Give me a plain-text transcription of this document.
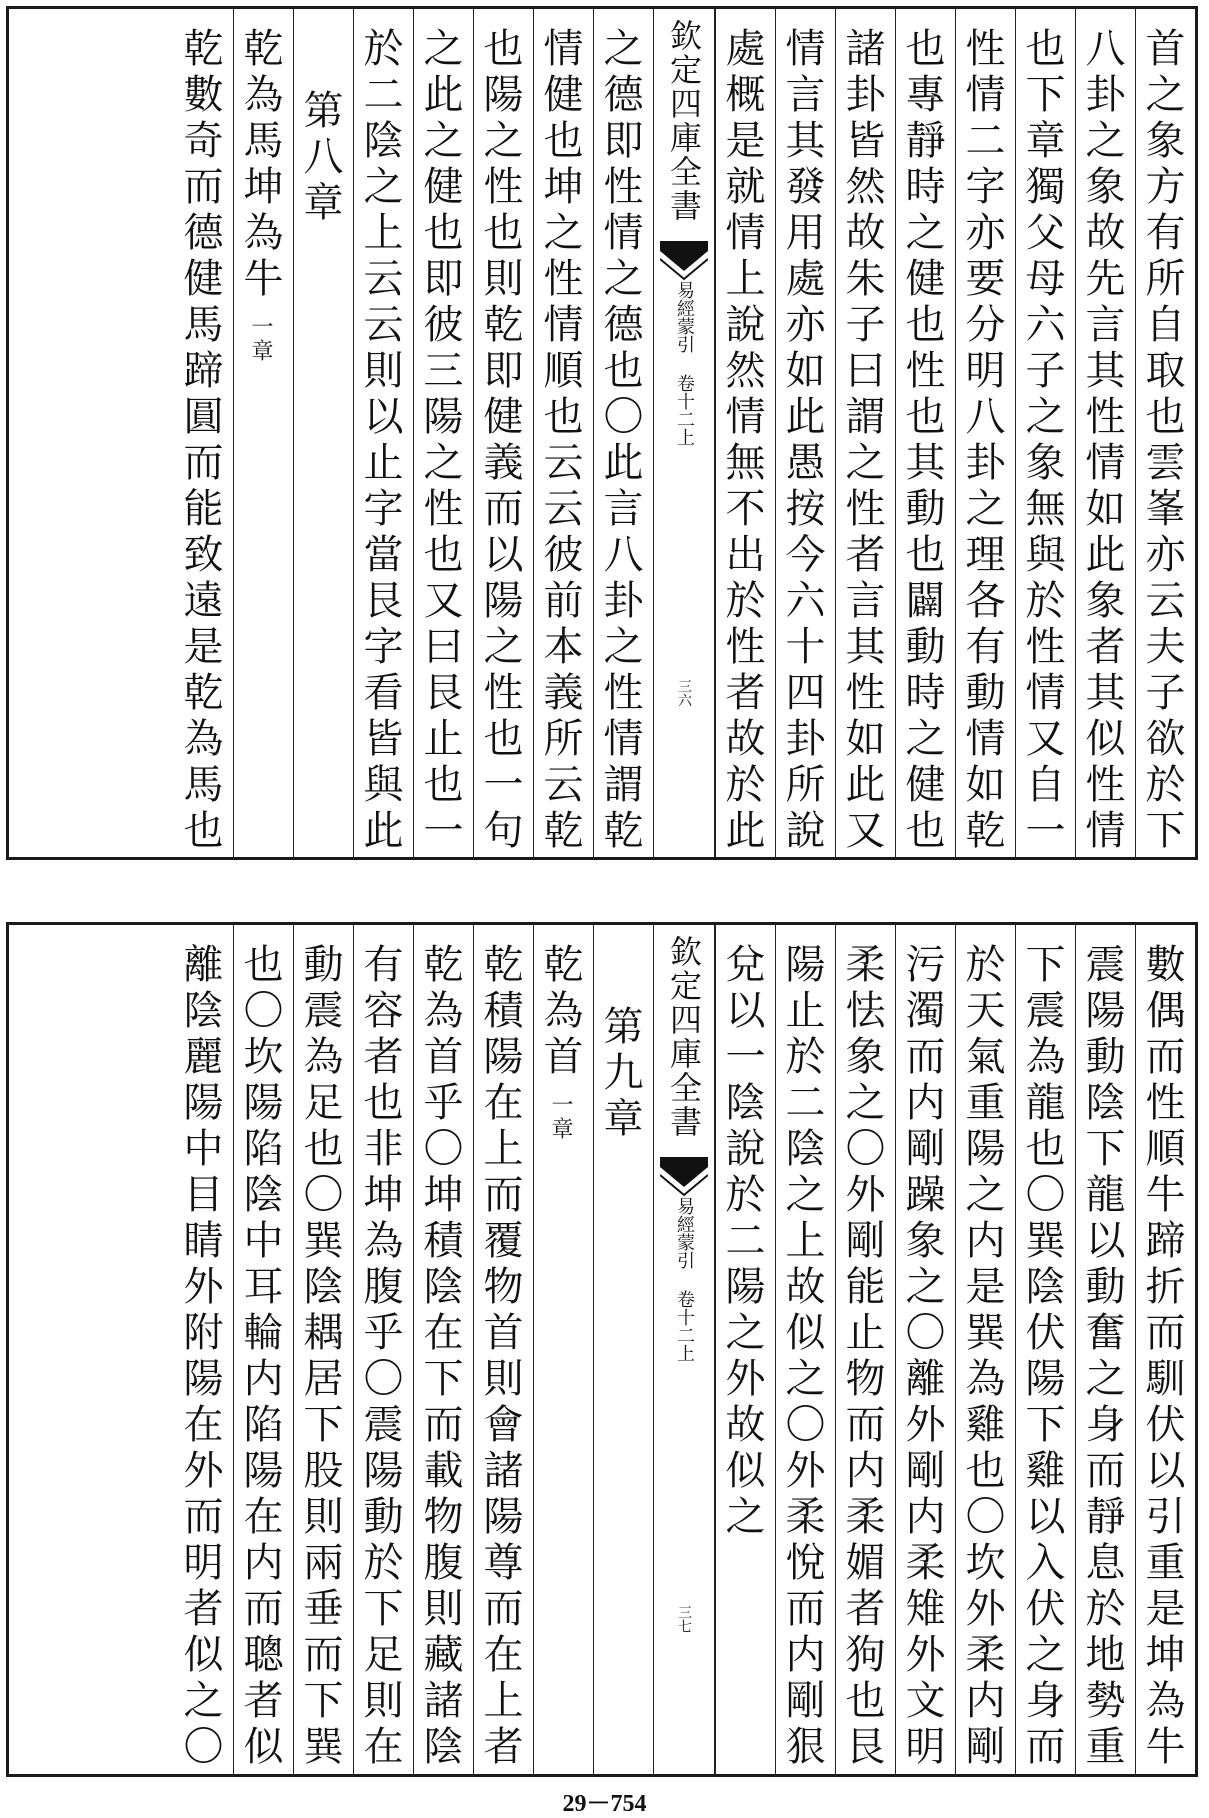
首之象方有所自取也雲峯亦云夫子欲於下
八卦之象故先言其性情如此象者其似性情
也下章獨父母六子之象無與於性情又自一
性情二字亦要分明八卦之理各有動情如乾
也專靜時之健也性也其動也闢動時之健也
諸卦皆然故朱子曰謂之性者言其性如此又
情言其發用處亦如此愚按今六十四卦所說
處概是就情上說然情無不出於性者故於此
欽定四庫全書
易經蒙引 卷十二上
三六
之德即性情之德也〇此言八卦之性情謂乾
情健也坤之性情順也云云彼前本義所云乾
也陽之性也則乾即健義而以陽之性也一句
之此之健也即彼三陽之性也又曰艮止也一
於二陰之上云云則以止字當艮字看皆與此
第八章
乾為馬坤為牛一章
乾數奇而德健馬蹄圓而能致遠是乾為馬也
數偶而性順牛蹄折而馴伏以引重是坤為牛
震陽動陰下龍以動奮之身而靜息於地勢重
下震為龍也〇巽陰伏陽下雞以入伏之身而
於天氣重陽之内是巽為雞也〇坎外柔内剛
污濁而内剛躁象之〇離外剛内柔雉外文明
柔怯象之〇外剛能止物而内柔媚者狗也艮
陽止於二陰之上故似之〇外柔悅而内剛狠
兌以一陰說於二陽之外故似之
欽定四庫全書
易經蒙引 卷十二上
三七
第九章
乾為首一章
乾積陽在上而覆物首則會諸陽尊而在上者
乾為首乎〇坤積陰在下而載物腹則藏諸陰
有容者也非坤為腹乎〇震陽動於下足則在
動震為足也〇巽陰耦居下股則兩垂而下巽
也〇坎陽陷陰中耳輪内陷陽在内而聰者似
離陰麗陽中目睛外附陽在外而明者似之〇
29－754
